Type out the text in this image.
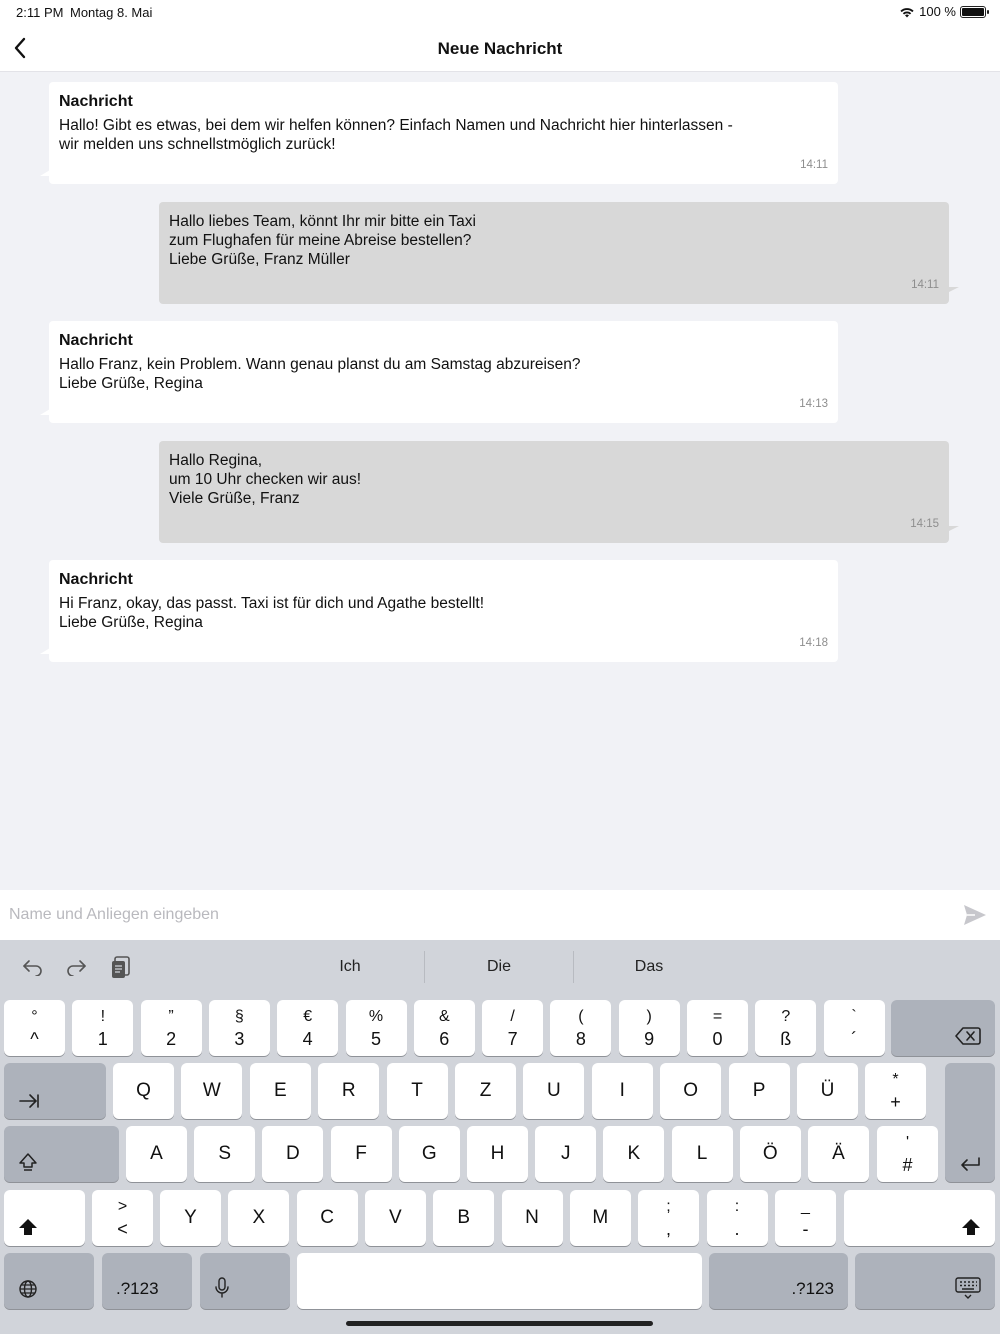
2:11 PM Montag 8. Mai	100 %
Neue Nachricht
Nachricht
Hallo! Gibt es etwas, bei dem wir helfen können? Einfach Namen und Nachricht hier hinterlassen -
wir melden uns schnellstmöglich zurück!
14:11
Hallo liebes Team, könnt Ihr mir bitte ein Taxi
zum Flughafen für meine Abreise bestellen?
Liebe Grüße, Franz Müller
14:11
Nachricht
Hallo Franz, kein Problem. Wann genau planst du am Samstag abzureisen?
Liebe Grüße, Regina
14:13
Hallo Regina,
um 10 Uhr checken wir aus!
Viele Grüße, Franz
14:15
Nachricht
Hi Franz, okay, das passt. Taxi ist für dich und Agathe bestellt!
Liebe Grüße, Regina
14:18
Name und Anliegen eingeben
Ich	Die	Das
°
^
!
1
”
2
§
3
€
4
%
5
&
6
/
7
(
8
)
9
=
0
?
ß
`
´
Q	W	E	R	T	Z	U	I	O	P	Ü
*
+
A	S	D	F	G	H	J	K	L	Ö	Ä
'
#
>
<
Y	X	C	V	B	N	M
;
,
:
.
_
-
.?123	.?123
